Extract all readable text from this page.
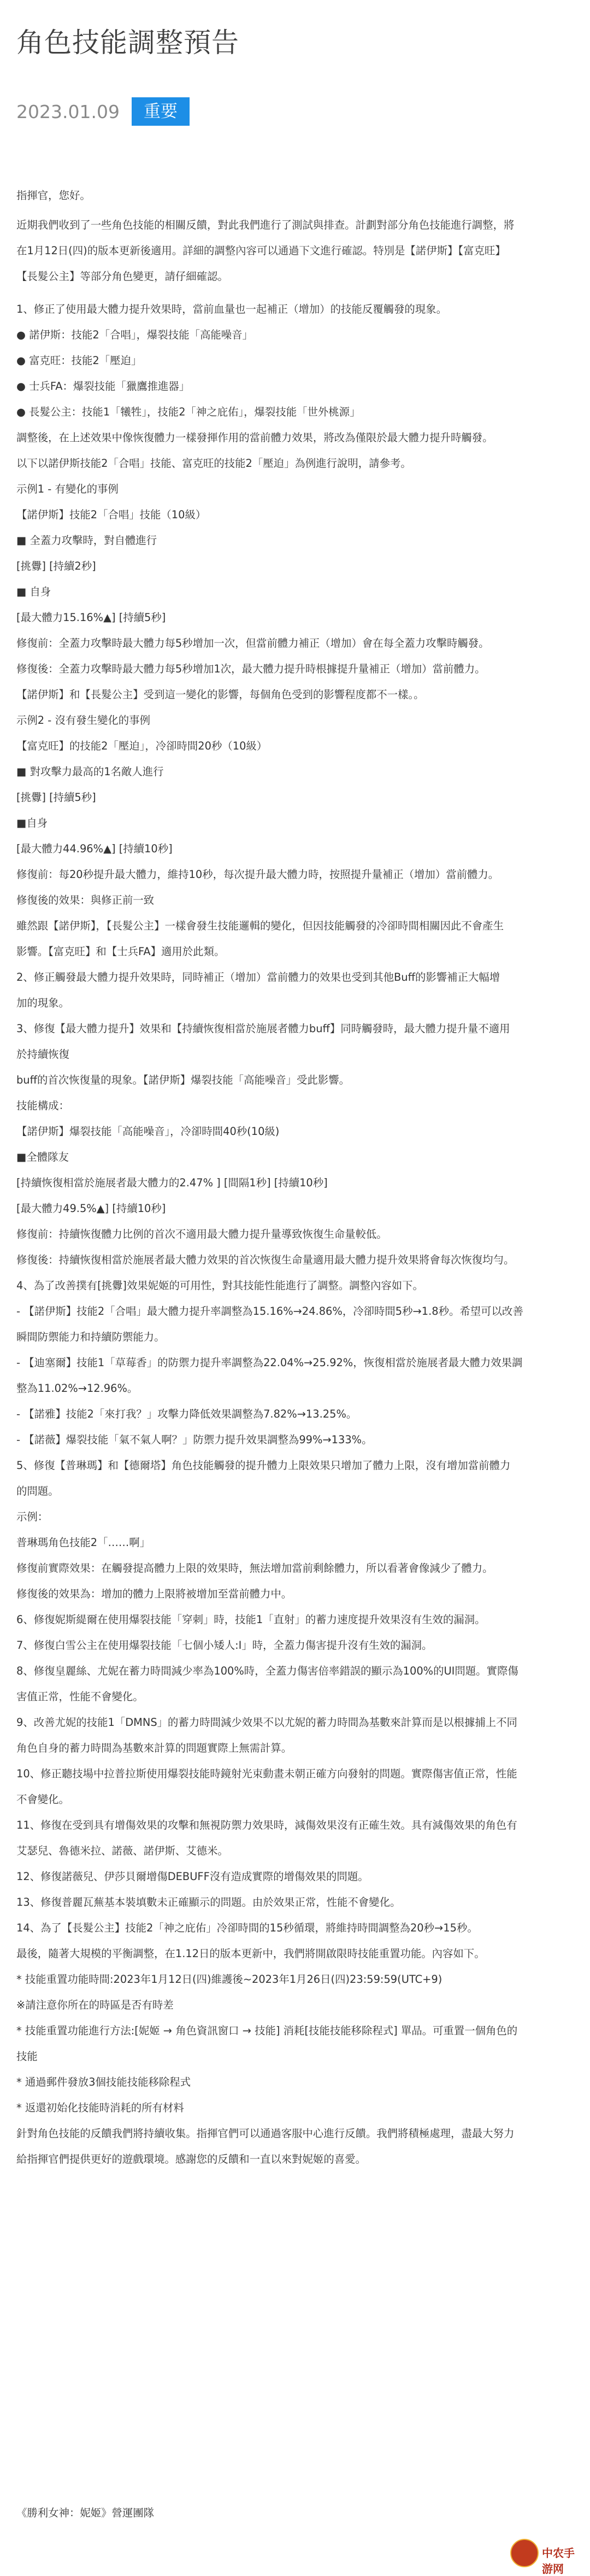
角色技能調整預告
2023.01.09	重要
指揮官，您好。
近期我們收到了一些角色技能的相關反饋，對此我們進行了測試與排查。計劃對部分角色技能進行調整，將
在1月12日(四)的版本更新後適用。詳細的調整內容可以通過下文進行確認。特別是【諾伊斯】【富克旺】
【長髮公主】等部分角色變更，請仔細確認。
1、修正了使用最大體力提升效果時，當前血量也一起補正（增加）的技能反覆觸發的現象。
● 諾伊斯：技能2「合唱」，爆裂技能「高能噪音」
● 富克旺：技能2「壓迫」
● 士兵FA：爆裂技能「獵鷹推進器」
● 長髮公主：技能1「犧牲」，技能2「神之庇佑」，爆裂技能「世外桃源」
調整後，在上述效果中像恢復體力一樣發揮作用的當前體力效果，將改為僅限於最大體力提升時觸發。
以下以諾伊斯技能2「合唱」技能、富克旺的技能2「壓迫」為例進行說明，請參考。
示例1 - 有變化的事例
【諾伊斯】技能2「合唱」技能（10級）
■ 全蓋力攻擊時，對自體進行
[挑釁] [持續2秒]
■ 自身
[最大體力15.16%▲] [持續5秒]
修復前：全蓋力攻擊時最大體力每5秒增加一次，但當前體力補正（增加）會在每全蓋力攻擊時觸發。
修復後：全蓋力攻擊時最大體力每5秒增加1次，最大體力提升時根據提升量補正（增加）當前體力。
【諾伊斯】和【長髮公主】受到這一變化的影響，每個角色受到的影響程度都不一樣。。
示例2 - 沒有發生變化的事例
【富克旺】的技能2「壓迫」，冷卻時間20秒（10級）
■ 對攻擊力最高的1名敵人進行
[挑釁] [持續5秒]
■自身
[最大體力44.96%▲] [持續10秒]
修復前：每20秒提升最大體力，維持10秒，每次提升最大體力時，按照提升量補正（增加）當前體力。
修復後的效果：與修正前一致
雖然跟【諾伊斯】，【長髮公主】一樣會發生技能邏輯的變化，但因技能觸發的冷卻時間相關因此不會產生
影響。【富克旺】和【士兵FA】適用於此類。
2、修正觸發最大體力提升效果時，同時補正（增加）當前體力的效果也受到其他Buff的影響補正大幅增
加的現象。
3、修復【最大體力提升】效果和【持續恢復相當於施展者體力buff】同時觸發時，最大體力提升量不適用
於持續恢復
buff的首次恢復量的現象。【諾伊斯】爆裂技能「高能噪音」受此影響。
技能構成：
【諾伊斯】爆裂技能「高能噪音」，冷卻時間40秒(10級)
■全體隊友
[持續恢復相當於施展者最大體力的2.47% ] [間隔1秒] [持續10秒]
[最大體力49.5%▲] [持續10秒]
修復前：持續恢復體力比例的首次不適用最大體力提升量導致恢復生命量較低。
修復後：持續恢復相當於施展者最大體力效果的首次恢復生命量適用最大體力提升效果將會每次恢復均勻。
4、為了改善撲有[挑釁]效果妮姬的可用性，對其技能性能進行了調整。調整內容如下。
- 【諾伊斯】技能2「合唱」最大體力提升率調整為15.16%→24.86%，冷卻時間5秒→1.8秒。希望可以改善
瞬間防禦能力和持續防禦能力。
- 【迪塞爾】技能1「草莓香」的防禦力提升率調整為22.04%→25.92%，恢復相當於施展者最大體力效果調
整為11.02%→12.96%。
- 【諾雅】技能2「來打我？」攻擊力降低效果調整為7.82%→13.25%。
- 【諾薇】爆裂技能「氣不氣人啊？」防禦力提升效果調整為99%→133%。
5、修復【普琳瑪】和【德爾塔】角色技能觸發的提升體力上限效果只增加了體力上限，沒有增加當前體力
的問題。
示例：
普琳瑪角色技能2「……啊」
修復前實際效果：在觸發提高體力上限的效果時，無法增加當前剩餘體力，所以看著會像減少了體力。
修復後的效果為：增加的體力上限將被增加至當前體力中。
6、修復妮斯緹爾在使用爆裂技能「穿刺」時，技能1「直射」的蓄力速度提升效果沒有生效的漏洞。
7、修復白雪公主在使用爆裂技能「七個小矮人:Ⅰ」時，全蓋力傷害提升沒有生效的漏洞。
8、修復皇麗絲、尤妮在蓄力時間減少率為100%時，全蓋力傷害倍率錯誤的顯示為100%的UI問題。實際傷
害值正常，性能不會變化。
9、改善尤妮的技能1「DMNS」的蓄力時間減少效果不以尤妮的蓄力時間為基數來計算而是以根據捕上不同
角色自身的蓄力時間為基數來計算的問題實際上無需計算。
10、修正聽技場中拉普拉斯使用爆裂技能時鏡射光束動畫未朝正確方向發射的問題。實際傷害值正常，性能
不會變化。
11、修復在受到具有增傷效果的攻擊和無視防禦力效果時，減傷效果沒有正確生效。具有減傷效果的角色有
艾瑟兒、魯德米拉、諾薇、諾伊斯、艾德米。
12、修復諾薇兒、伊莎貝爾增傷DEBUFF沒有造成實際的增傷效果的問題。
13、修復普麗瓦蕪基本裝填數未正確顯示的問題。由於效果正常，性能不會變化。
14、為了【長髮公主】技能2「神之庇佑」冷卻時間的15秒循環，將維持時間調整為20秒→15秒。
最後，隨著大規模的平衡調整，在1.12日的版本更新中，我們將開啟限時技能重置功能。內容如下。
* 技能重置功能時間:2023年1月12日(四)維護後~2023年1月26日(四)23:59:59(UTC+9)
※請注意你所在的時區是否有時差
* 技能重置功能進行方法:[妮姬 → 角色資訊窗口 → 技能] 消耗[技能技能移除程式] 單品。可重置一個角色的
技能
* 通過郵件發放3個技能技能移除程式
* 返還初始化技能時消耗的所有材料
針對角色技能的反饋我們將持續收集。指揮官們可以通過客服中心進行反饋。我們將積極處理，盡最大努力
給指揮官們提供更好的遊戲環境。感謝您的反饋和一直以來對妮姬的喜愛。
《勝利女神：妮姬》營運團隊
中农手游网
